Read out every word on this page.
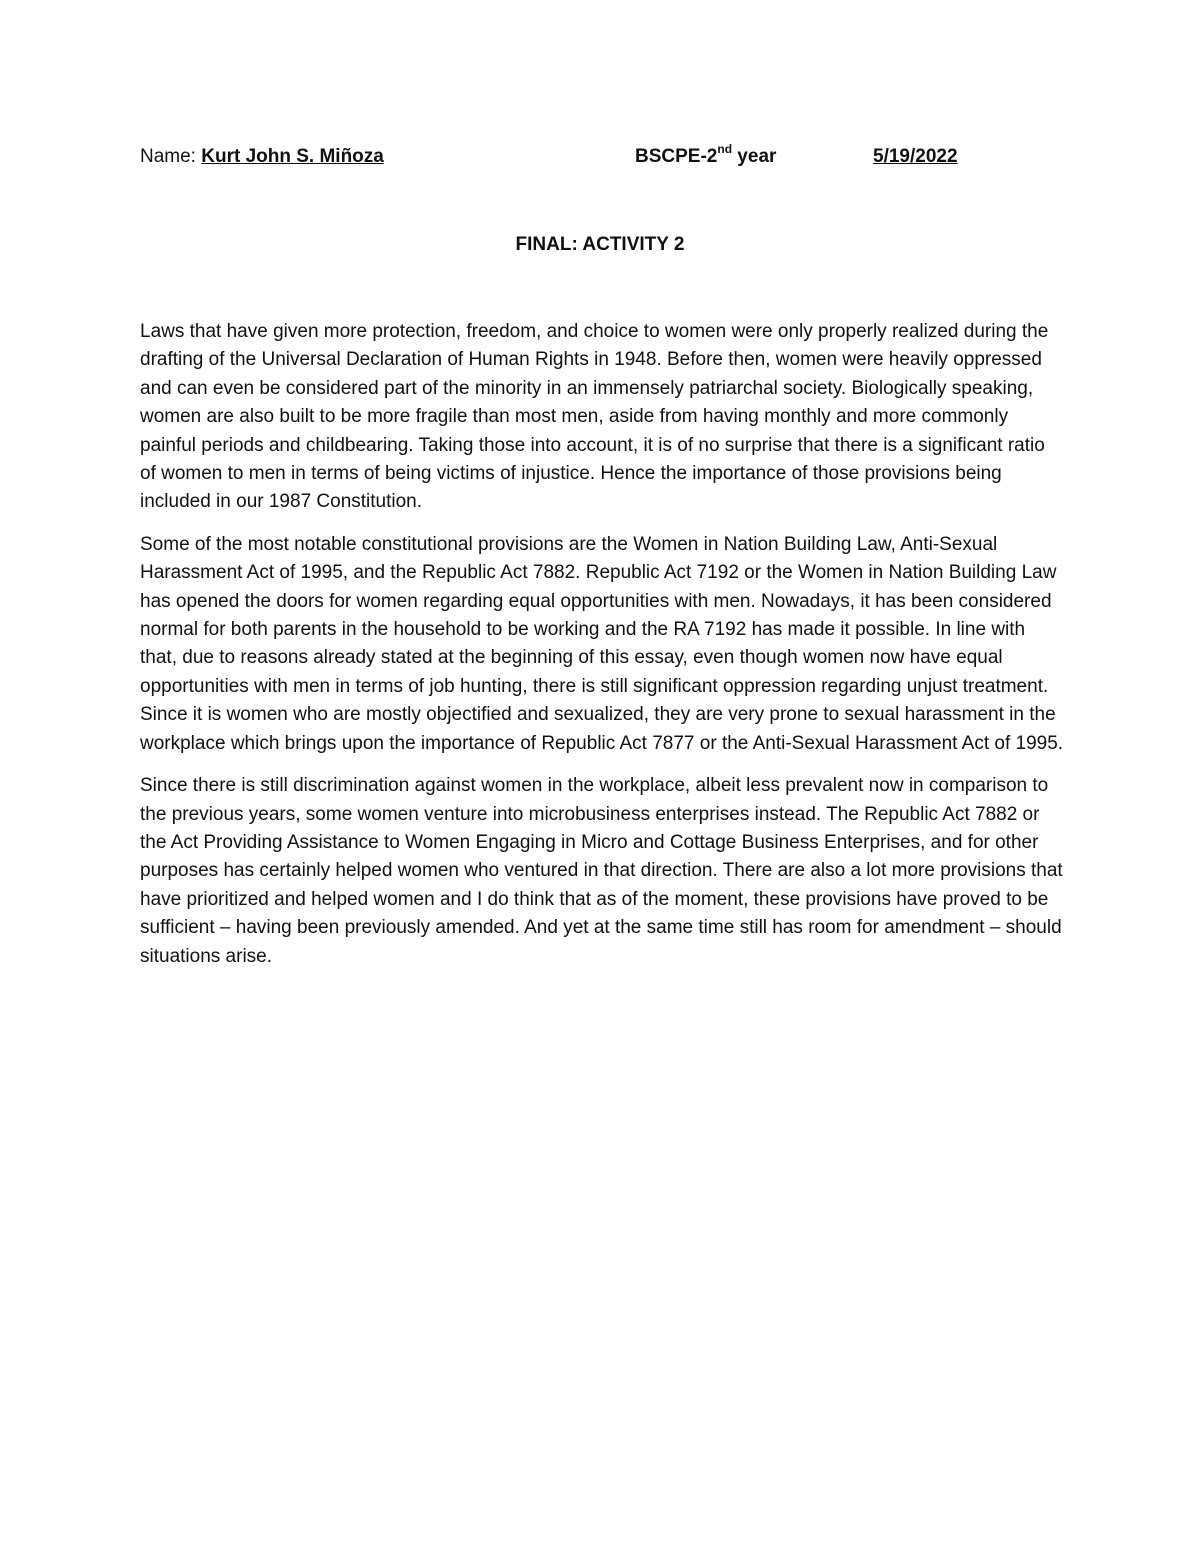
Name: Kurt John S. Miñoza	BSCPE-2nd year	5/19/2022
FINAL: ACTIVITY 2

Laws that have given more protection, freedom, and choice to women were only properly realized during the drafting of the Universal Declaration of Human Rights in 1948. Before then, women were heavily oppressed and can even be considered part of the minority in an immensely patriarchal society. Biologically speaking, women are also built to be more fragile than most men, aside from having monthly and more commonly painful periods and childbearing. Taking those into account, it is of no surprise that there is a significant ratio of women to men in terms of being victims of injustice. Hence the importance of those provisions being included in our 1987 Constitution.

Some of the most notable constitutional provisions are the Women in Nation Building Law, Anti-Sexual Harassment Act of 1995, and the Republic Act 7882. Republic Act 7192 or the Women in Nation Building Law has opened the doors for women regarding equal opportunities with men. Nowadays, it has been considered normal for both parents in the household to be working and the RA 7192 has made it possible. In line with that, due to reasons already stated at the beginning of this essay, even though women now have equal opportunities with men in terms of job hunting, there is still significant oppression regarding unjust treatment. Since it is women who are mostly objectified and sexualized, they are very prone to sexual harassment in the workplace which brings upon the importance of Republic Act 7877 or the Anti-Sexual Harassment Act of 1995.

Since there is still discrimination against women in the workplace, albeit less prevalent now in comparison to the previous years, some women venture into microbusiness enterprises instead. The Republic Act 7882 or the Act Providing Assistance to Women Engaging in Micro and Cottage Business Enterprises, and for other purposes has certainly helped women who ventured in that direction. There are also a lot more provisions that have prioritized and helped women and I do think that as of the moment, these provisions have proved to be sufficient – having been previously amended. And yet at the same time still has room for amendment – should situations arise.
